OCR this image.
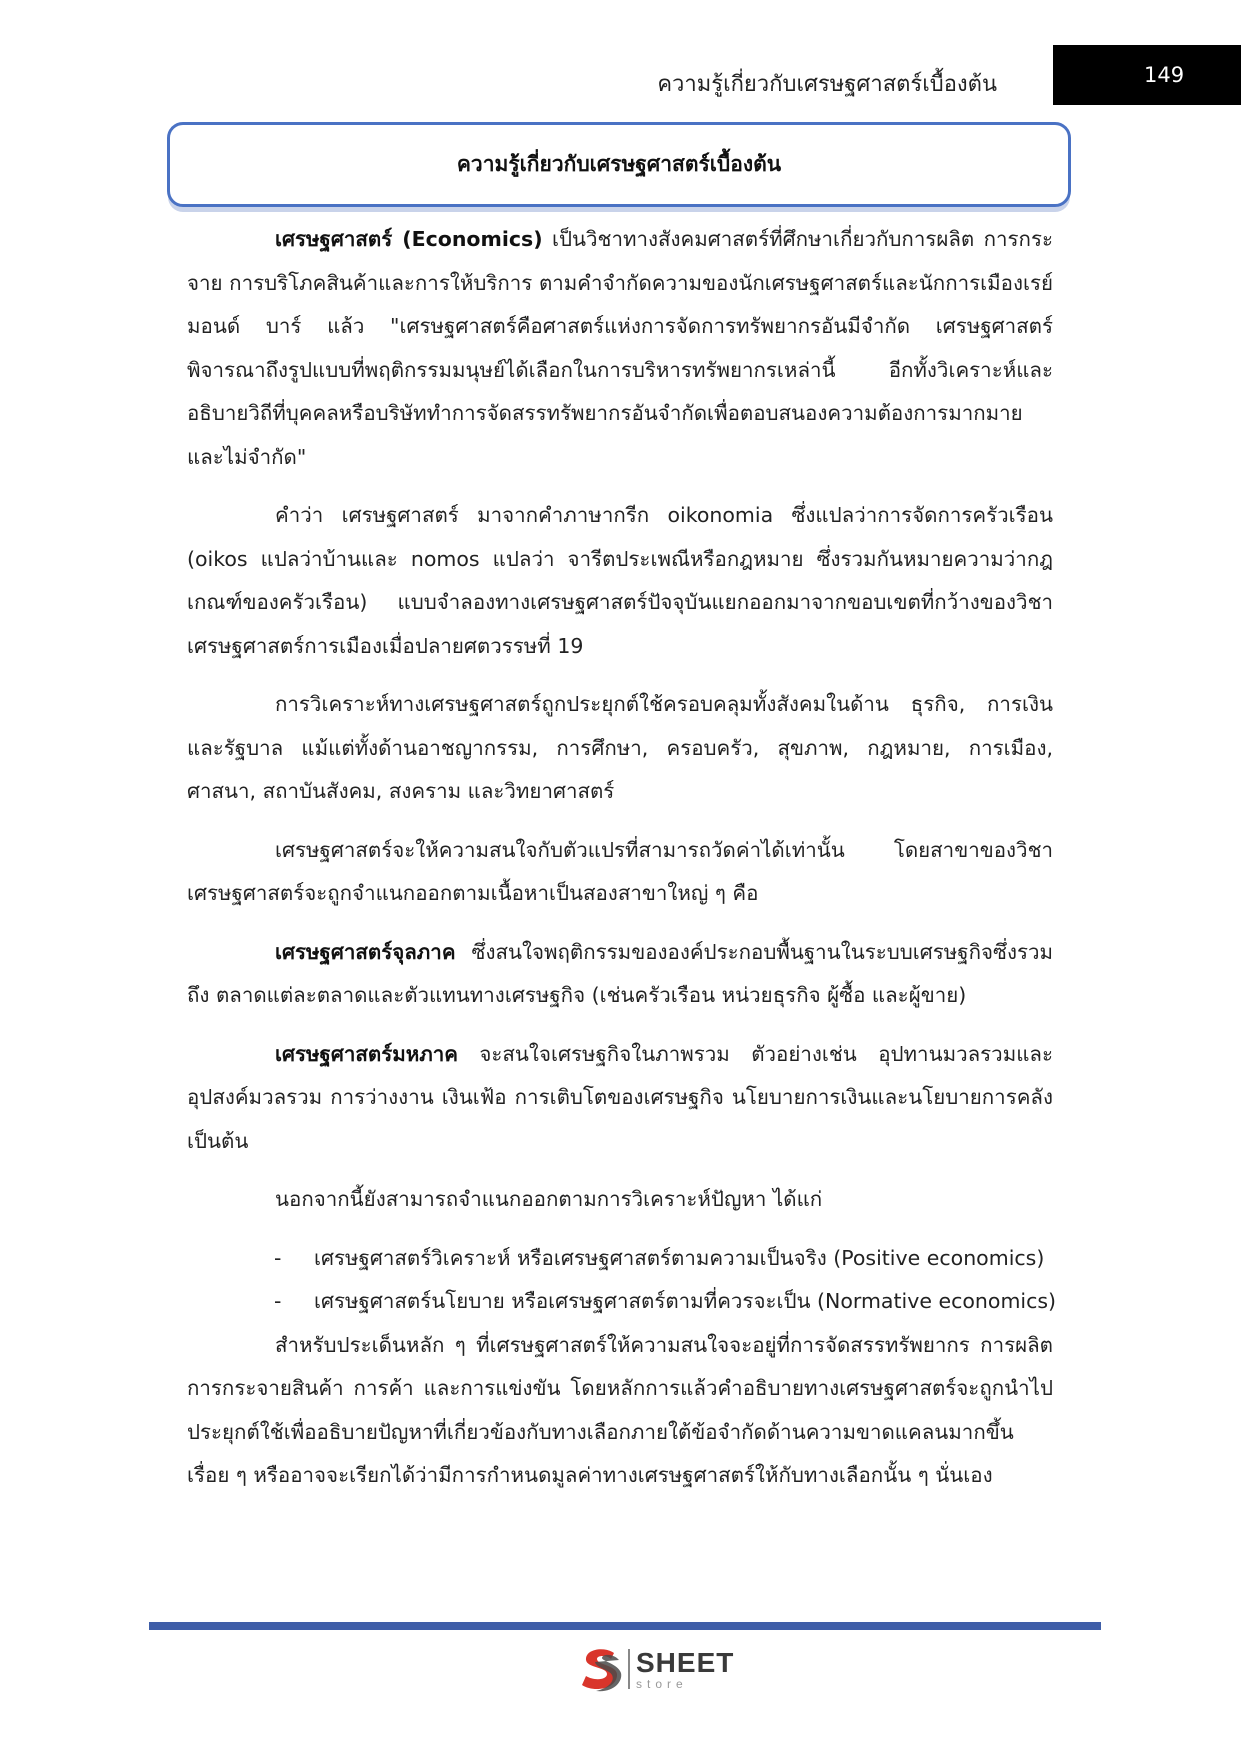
ความรู้เกี่ยวกับเศรษฐศาสตร์เบื้องต้น	149
ความรู้เกี่ยวกับเศรษฐศาสตร์เบื้องต้น

เศรษฐศาสตร์ (Economics) เป็นวิชาทางสังคมศาสตร์ที่ศึกษาเกี่ยวกับการผลิต การกระจาย การบริโภคสินค้าและการให้บริการ ตามคำจำกัดความของนักเศรษฐศาสตร์และนักการเมืองเรย์มอนด์ บาร์ แล้ว "เศรษฐศาสตร์คือศาสตร์แห่งการจัดการทรัพยากรอันมีจำกัด เศรษฐศาสตร์พิจารณาถึงรูปแบบที่พฤติกรรมมนุษย์ได้เลือกในการบริหารทรัพยากรเหล่านี้ อีกทั้งวิเคราะห์และอธิบายวิถีที่บุคคลหรือบริษัททำการจัดสรรทรัพยากรอันจำกัดเพื่อตอบสนองความต้องการมากมายและไม่จำกัด"

คำว่า เศรษฐศาสตร์ มาจากคำภาษากรีก oikonomia ซึ่งแปลว่าการจัดการครัวเรือน (oikos แปลว่าบ้านและ nomos แปลว่า จารีตประเพณีหรือกฎหมาย ซึ่งรวมกันหมายความว่ากฎเกณฑ์ของครัวเรือน) แบบจำลองทางเศรษฐศาสตร์ปัจจุบันแยกออกมาจากขอบเขตที่กว้างของวิชาเศรษฐศาสตร์การเมืองเมื่อปลายศตวรรษที่ 19

การวิเคราะห์ทางเศรษฐศาสตร์ถูกประยุกต์ใช้ครอบคลุมทั้งสังคมในด้าน ธุรกิจ, การเงิน และรัฐบาล แม้แต่ทั้งด้านอาชญากรรม, การศึกษา, ครอบครัว, สุขภาพ, กฎหมาย, การเมือง, ศาสนา, สถาบันสังคม, สงคราม และวิทยาศาสตร์

เศรษฐศาสตร์จะให้ความสนใจกับตัวแปรที่สามารถวัดค่าได้เท่านั้น โดยสาขาของวิชาเศรษฐศาสตร์จะถูกจำแนกออกตามเนื้อหาเป็นสองสาขาใหญ่ ๆ คือ

เศรษฐศาสตร์จุลภาค ซึ่งสนใจพฤติกรรมขององค์ประกอบพื้นฐานในระบบเศรษฐกิจซึ่งรวมถึง ตลาดแต่ละตลาดและตัวแทนทางเศรษฐกิจ (เช่นครัวเรือน หน่วยธุรกิจ ผู้ซื้อ และผู้ขาย)

เศรษฐศาสตร์มหภาค จะสนใจเศรษฐกิจในภาพรวม ตัวอย่างเช่น อุปทานมวลรวมและอุปสงค์มวลรวม การว่างงาน เงินเฟ้อ การเติบโตของเศรษฐกิจ นโยบายการเงินและนโยบายการคลัง เป็นต้น

นอกจากนี้ยังสามารถจำแนกออกตามการวิเคราะห์ปัญหา ได้แก่

-	เศรษฐศาสตร์วิเคราะห์ หรือเศรษฐศาสตร์ตามความเป็นจริง (Positive economics)

-	เศรษฐศาสตร์นโยบาย หรือเศรษฐศาสตร์ตามที่ควรจะเป็น (Normative economics)

สำหรับประเด็นหลัก ๆ ที่เศรษฐศาสตร์ให้ความสนใจจะอยู่ที่การจัดสรรทรัพยากร การผลิต การกระจายสินค้า การค้า และการแข่งขัน โดยหลักการแล้วคำอธิบายทางเศรษฐศาสตร์จะถูกนำไปประยุกต์ใช้เพื่ออธิบายปัญหาที่เกี่ยวข้องกับทางเลือกภายใต้ข้อจำกัดด้านความขาดแคลนมากขึ้นเรื่อย ๆ หรืออาจจะเรียกได้ว่ามีการกำหนดมูลค่าทางเศรษฐศาสตร์ให้กับทางเลือกนั้น ๆ นั่นเอง

SHEET
store
